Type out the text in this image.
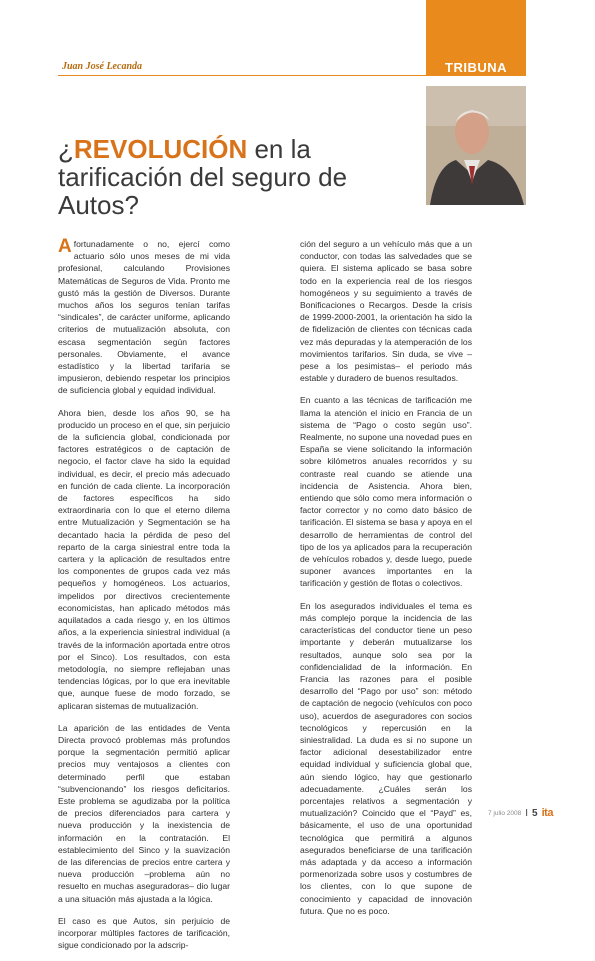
TRIBUNA
Juan José Lecanda
¿REVOLUCIÓN en la tarificación del seguro de Autos?

Afortunadamente o no, ejercí como actuario sólo unos meses de mi vida profesional, calculando Provisiones Matemáticas de Seguros de Vida. Pronto me gustó más la gestión de Diversos. Durante muchos años los seguros tenían tarifas “sindicales”, de carácter uniforme, aplicando criterios de mutualización absoluta, con escasa segmentación según factores personales. Obviamente, el avance estadístico y la libertad tarifaria se impusieron, debiendo respetar los principios de suficiencia global y equidad individual.

Ahora bien, desde los años 90, se ha producido un proceso en el que, sin perjuicio de la suficiencia global, condicionada por factores estratégicos o de captación de negocio, el factor clave ha sido la equidad individual, es decir, el precio más adecuado en función de cada cliente. La incorporación de factores específicos ha sido extraordinaria con lo que el eterno dilema entre Mutualización y Segmentación se ha decantado hacia la pérdida de peso del reparto de la carga siniestral entre toda la cartera y la aplicación de resultados entre los componentes de grupos cada vez más pequeños y homogéneos. Los actuarios, impelidos por directivos crecientemente economicistas, han aplicado métodos más aquilatados a cada riesgo y, en los últimos años, a la experiencia siniestral individual (a través de la información aportada entre otros por el Sinco). Los resultados, con esta metodología, no siempre reflejaban unas tendencias lógicas, por lo que era inevitable que, aunque fuese de modo forzado, se aplicaran sistemas de mutualización.

La aparición de las entidades de Venta Directa provocó problemas más profundos porque la segmentación permitió aplicar precios muy ventajosos a clientes con determinado perfil que estaban “subvencionando” los riesgos deficitarios. Este problema se agudizaba por la política de precios diferenciados para cartera y nueva producción y la inexistencia de información en la contratación. El establecimiento del Sinco y la suavización de las diferencias de precios entre cartera y nueva producción –problema aún no resuelto en muchas aseguradoras– dio lugar a una situación más ajustada a la lógica.

El caso es que Autos, sin perjuicio de incorporar múltiples factores de tarificación, sigue condicionado por la adscrip-

ción del seguro a un vehículo más que a un conductor, con todas las salvedades que se quiera. El sistema aplicado se basa sobre todo en la experiencia real de los riesgos homogéneos y su seguimiento a través de Bonificaciones o Recargos. Desde la crisis de 1999-2000-2001, la orientación ha sido la de fidelización de clientes con técnicas cada vez más depuradas y la atemperación de los movimientos tarifarios. Sin duda, se vive –pese a los pesimistas– el periodo más estable y duradero de buenos resultados.

En cuanto a las técnicas de tarificación me llama la atención el inicio en Francia de un sistema de “Pago o costo según uso”. Realmente, no supone una novedad pues en España se viene solicitando la información sobre kilómetros anuales recorridos y su contraste real cuando se atiende una incidencia de Asistencia. Ahora bien, entiendo que sólo como mera información o factor corrector y no como dato básico de tarificación. El sistema se basa y apoya en el desarrollo de herramientas de control del tipo de los ya aplicados para la recuperación de vehículos robados y, desde luego, puede suponer avances importantes en la tarificación y gestión de flotas o colectivos.

En los asegurados individuales el tema es más complejo porque la incidencia de las características del conductor tiene un peso importante y deberán mutualizarse los resultados, aunque solo sea por la confidencialidad de la información. En Francia las razones para el posible desarrollo del “Pago por uso” son: método de captación de negocio (vehículos con poco uso), acuerdos de aseguradores con socios tecnológicos y repercusión en la siniestralidad. La duda es si no supone un factor adicional desestabilizador entre equidad individual y suficiencia global que, aún siendo lógico, hay que gestionarlo adecuadamente. ¿Cuáles serán los porcentajes relativos a segmentación y mutualización? Coincido que el “Payd” es, básicamente, el uso de una oportunidad tecnológica que permitirá a algunos asegurados beneficiarse de una tarificación más adaptada y da acceso a información pormenorizada sobre usos y costumbres de los clientes, con lo que supone de conocimiento y capacidad de innovación futura. Que no es poco.

7 julio 2008 I 5 ita
